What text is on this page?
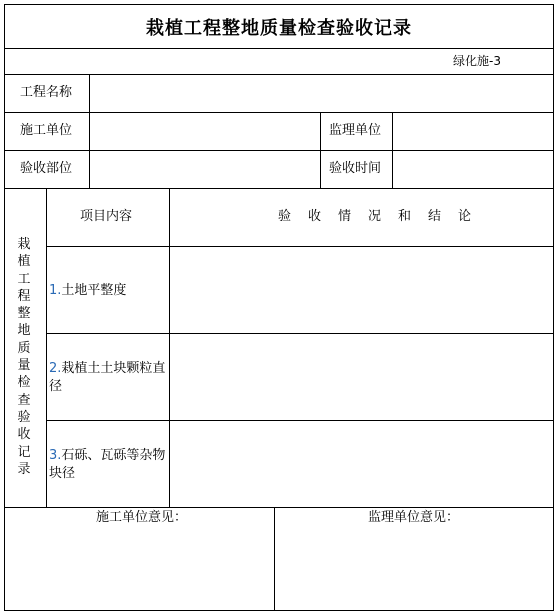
栽植工程整地质量检查验收记录
绿化施-3
工程名称
施工单位	监理单位
验收部位	验收时间
栽植工程整地质量检查验收记录
项目内容	验收情况和结论
1.土地平整度
2.栽植土土块颗粒直径
3.石砾、瓦砾等杂物块径
施工单位意见：	监理单位意见：
